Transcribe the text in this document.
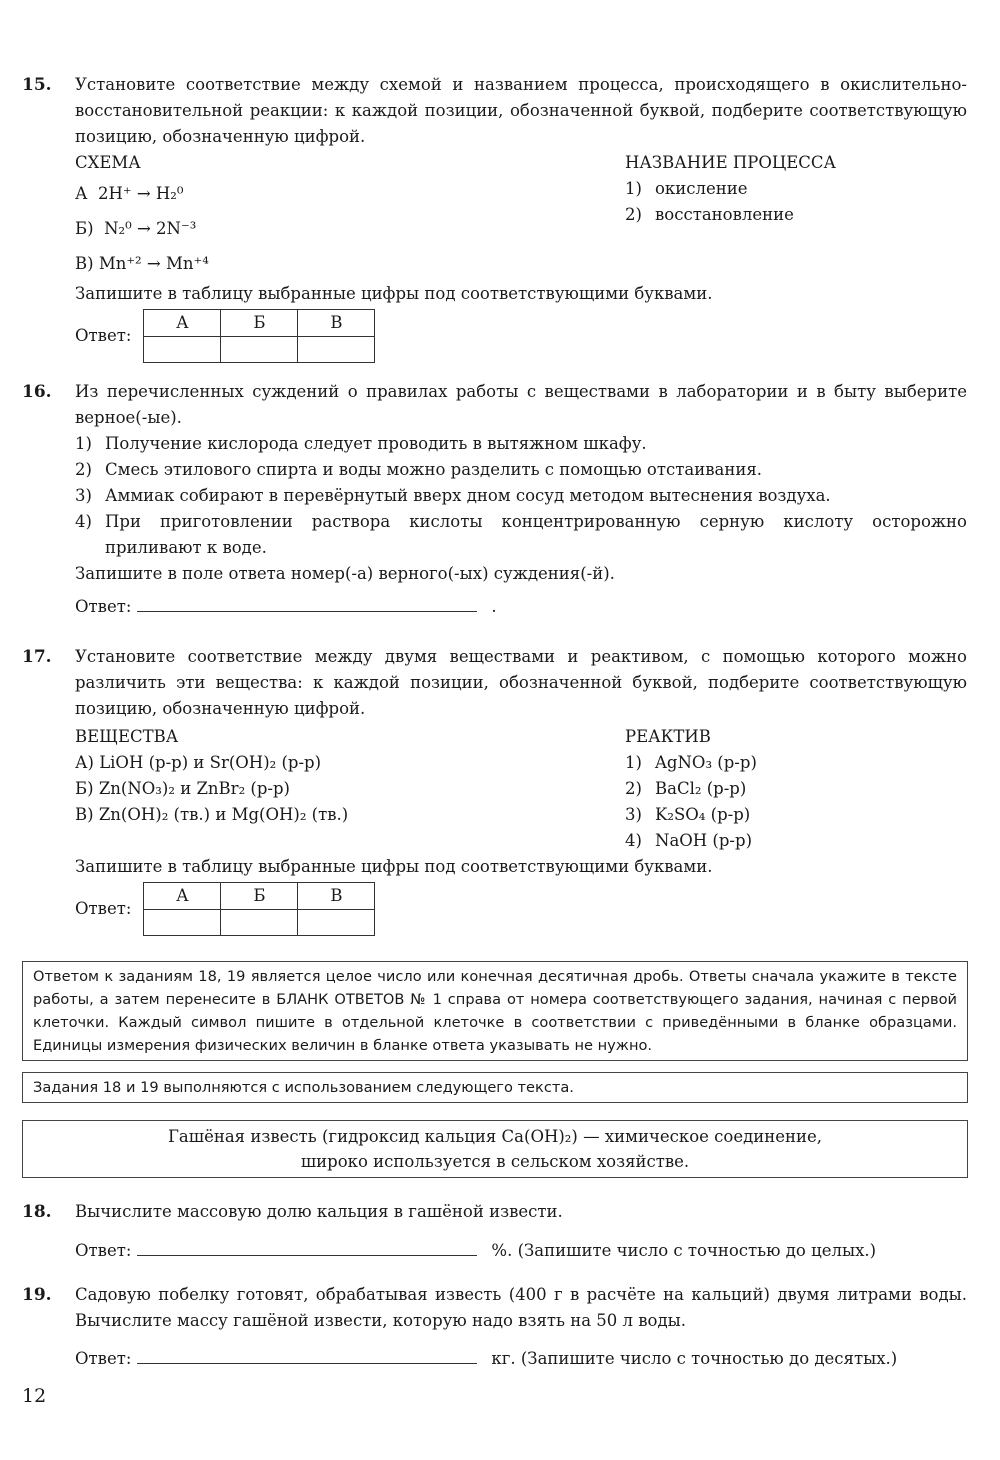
15. Установите соответствие между схемой и названием процесса, происходящего в окислительно-восстановительной реакции: к каждой позиции, обозначенной буквой, подберите соответствующую позицию, обозначенную цифрой.
СХЕМА
А 2H⁺ → H₂⁰
Б) N₂⁰ → 2N⁻³
В) Mn⁺² → Mn⁺⁴
НАЗВАНИЕ ПРОЦЕССА
1) окисление
2) восстановление
Запишите в таблицу выбранные цифры под соответствующими буквами.
Ответ:
А	Б	В

16. Из перечисленных суждений о правилах работы с веществами в лаборатории и в быту выберите верное(-ые).
1) Получение кислорода следует проводить в вытяжном шкафу.
2) Смесь этилового спирта и воды можно разделить с помощью отстаивания.
3) Аммиак собирают в перевёрнутый вверх дном сосуд методом вытеснения воздуха.
4) При приготовлении раствора кислоты концентрированную серную кислоту осторожно приливают к воде.
Запишите в поле ответа номер(-а) верного(-ых) суждения(-й).
Ответ:	.
17. Установите соответствие между двумя веществами и реактивом, с помощью которого можно различить эти вещества: к каждой позиции, обозначенной буквой, подберите соответствующую позицию, обозначенную цифрой.
ВЕЩЕСТВА
А) LiOH (р-р) и Sr(OH)₂ (р-р)
Б) Zn(NO₃)₂ и ZnBr₂ (р-р)
В) Zn(OH)₂ (тв.) и Mg(OH)₂ (тв.)
РЕАКТИВ
1) AgNO₃ (р-р)
2) BaCl₂ (р-р)
3) K₂SO₄ (р-р)
4) NaOH (р-р)
Запишите в таблицу выбранные цифры под соответствующими буквами.
Ответ:
А	Б	В

Ответом к заданиям 18, 19 является целое число или конечная десятичная дробь. Ответы сначала укажите в тексте работы, а затем перенесите в БЛАНК ОТВЕТОВ № 1 справа от номера соответствующего задания, начиная с первой клеточки. Каждый символ пишите в отдельной клеточке в соответствии с приведёнными в бланке образцами. Единицы измерения физических величин в бланке ответа указывать не нужно.
Задания 18 и 19 выполняются с использованием следующего текста.
Гашёная известь (гидроксид кальция Ca(OH)₂) — химическое соединение,
широко используется в сельском хозяйстве.
18. Вычислите массовую долю кальция в гашёной извести.
Ответ:	%. (Запишите число с точностью до целых.)
19. Садовую побелку готовят, обрабатывая известь (400 г в расчёте на кальций) двумя литрами воды. Вычислите массу гашёной извести, которую надо взять на 50 л воды.
Ответ:	кг. (Запишите число с точностью до десятых.)
12
